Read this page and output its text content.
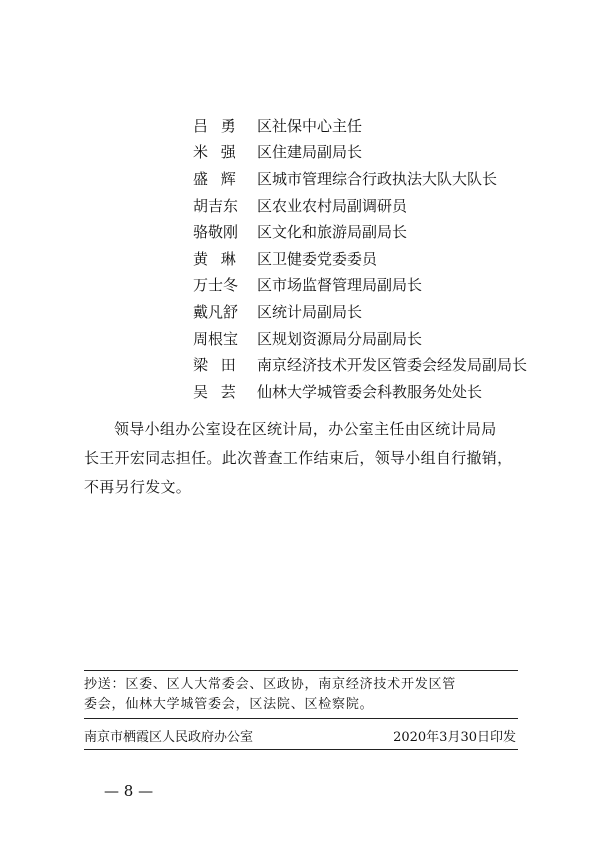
吕勇 区社保中心主任
米强 区住建局副局长
盛辉 区城市管理综合行政执法大队大队长
胡吉东	区农业农村局副调研员
骆敬刚	区文化和旅游局副局长
黄琳 区卫健委党委委员
万士冬	区市场监督管理局副局长
戴凡舒	区统计局副局长
周根宝	区规划资源局分局副局长
梁田 南京经济技术开发区管委会经发局副局长
吴芸 仙林大学城管委会科教服务处处长
领导小组办公室设在区统计局，办公室主任由区统计局局
长王开宏同志担任。此次普查工作结束后，领导小组自行撤销，
不再另行发文。
抄送：区委、区人大常委会、区政协，南京经济技术开发区管
委会，仙林大学城管委会，区法院、区检察院。
南京市栖霞区人民政府办公室	2020年3月30日印发
— 8 —
